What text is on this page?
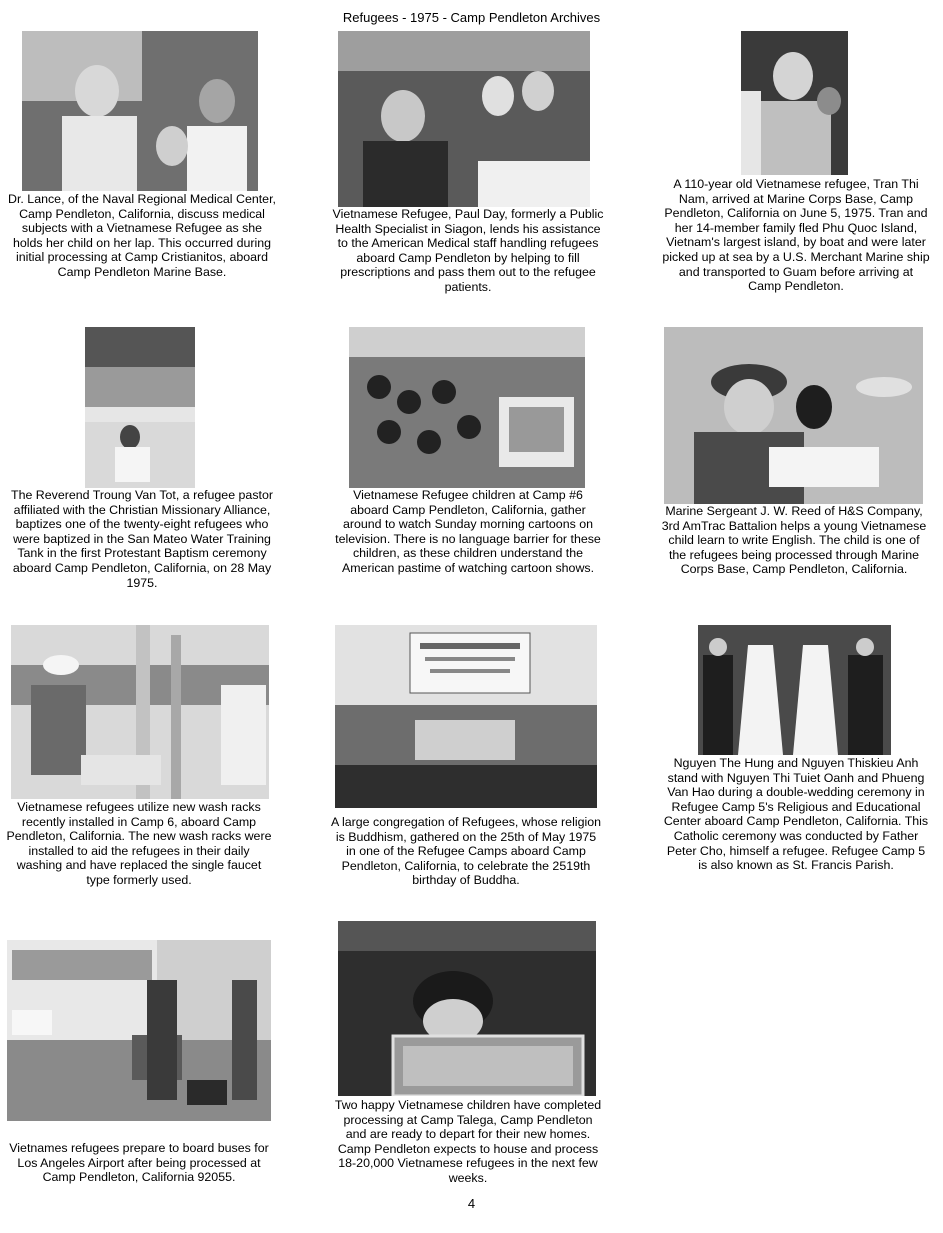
Refugees - 1975 - Camp Pendleton Archives
Dr. Lance, of the Naval Regional Medical Center, Camp Pendleton, California, discuss medical subjects with a Vietnamese Refugee as she holds her child on her lap. This occurred during initial processing at Camp Cristianitos, aboard Camp Pendleton Marine Base.
Vietnamese Refugee, Paul Day, formerly a Public Health Specialist in Siagon, lends his assistance to the American Medical staff handling refugees aboard Camp Pendleton by helping to fill prescriptions and pass them out to the refugee patients.
A 110-year old Vietnamese refugee, Tran Thi Nam, arrived at Marine Corps Base, Camp Pendleton, California on June 5, 1975. Tran and her 14-member family fled Phu Quoc Island, Vietnam's largest island, by boat and were later picked up at sea by a U.S. Merchant Marine ship and transported to Guam before arriving at Camp Pendleton.
The Reverend Troung Van Tot, a refugee pastor affiliated with the Christian Missionary Alliance, baptizes one of the twenty-eight refugees who were baptized in the San Mateo Water Training Tank in the first Protestant Baptism ceremony aboard Camp Pendleton, California, on 28 May 1975.
Vietnamese Refugee children at Camp #6 aboard Camp Pendleton, California, gather around to watch Sunday morning cartoons on television. There is no language barrier for these children, as these children understand the American pastime of watching cartoon shows.
Marine Sergeant J. W. Reed of H&S Company, 3rd AmTrac Battalion helps a young Vietnamese child learn to write English. The child is one of the refugees being processed through Marine Corps Base, Camp Pendleton, California.
Vietnamese refugees utilize new wash racks recently installed in Camp 6, aboard Camp Pendleton, California. The new wash racks were installed to aid the refugees in their daily washing and have replaced the single faucet type formerly used.
A large congregation of Refugees, whose religion is Buddhism, gathered on the 25th of May 1975 in one of the Refugee Camps aboard Camp Pendleton, California, to celebrate the 2519th birthday of Buddha.
Nguyen The Hung and Nguyen Thiskieu Anh stand with Nguyen Thi Tuiet Oanh and Phueng Van Hao during a double-wedding ceremony in Refugee Camp 5's Religious and Educational Center aboard Camp Pendleton, California. This Catholic ceremony was conducted by Father Peter Cho, himself a refugee. Refugee Camp 5 is also known as St. Francis Parish.
Vietnames refugees prepare to board buses for Los Angeles Airport after being processed at Camp Pendleton, California 92055.
Two happy Vietnamese children have completed processing at Camp Talega, Camp Pendleton and are ready to depart for their new homes. Camp Pendleton expects to house and process 18-20,000 Vietnamese refugees in the next few weeks.
4
